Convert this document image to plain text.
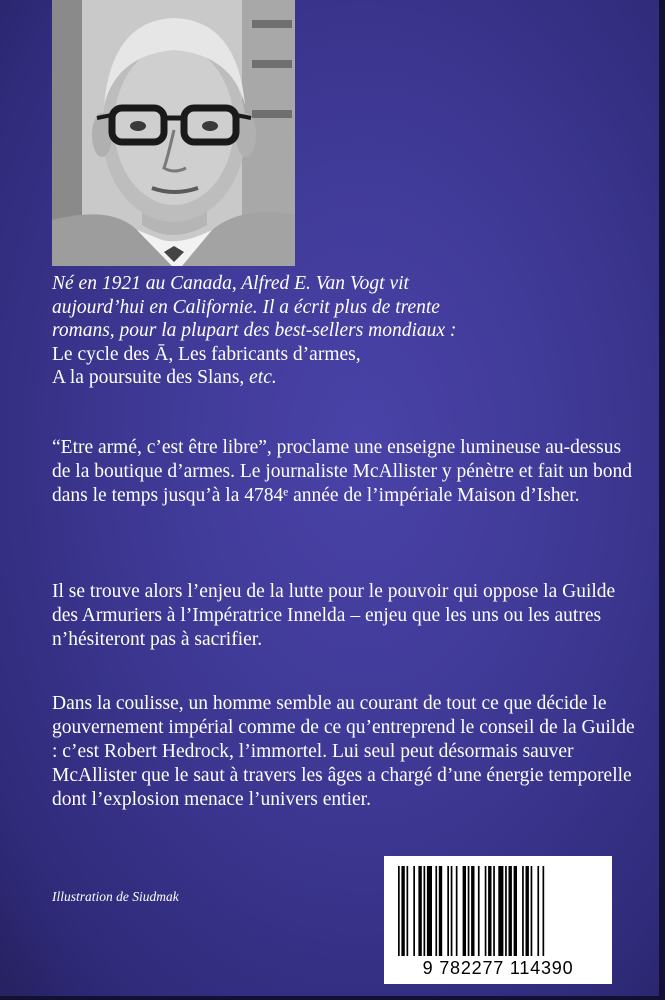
Né en 1921 au Canada, Alfred E. Van Vogt vit
aujourd’hui en Californie. Il a écrit plus de trente
romans, pour la plupart des best-sellers mondiaux :
Le cycle des Ā, Les fabricants d’armes,
A la poursuite des Slans, etc.
“Etre armé, c’est être libre”, proclame une enseigne lumineuse au-dessus de la boutique d’armes. Le journaliste McAllister y pénètre et fait un bond dans le temps jusqu’à la 4784ᵉ année de l’impériale Maison d’Isher.
Il se trouve alors l’enjeu de la lutte pour le pouvoir qui oppose la Guilde des Armuriers à l’Impératrice Innelda – enjeu que les uns ou les autres n’hésiteront pas à sacrifier.
Dans la coulisse, un homme semble au courant de tout ce que décide le gouvernement impérial comme de ce qu’entreprend le conseil de la Guilde : c’est Robert Hedrock, l’immortel. Lui seul peut désormais sauver McAllister que le saut à travers les âges a chargé d’une énergie temporelle dont l’explosion menace l’univers entier.
Illustration de Siudmak
9 782277 114390
